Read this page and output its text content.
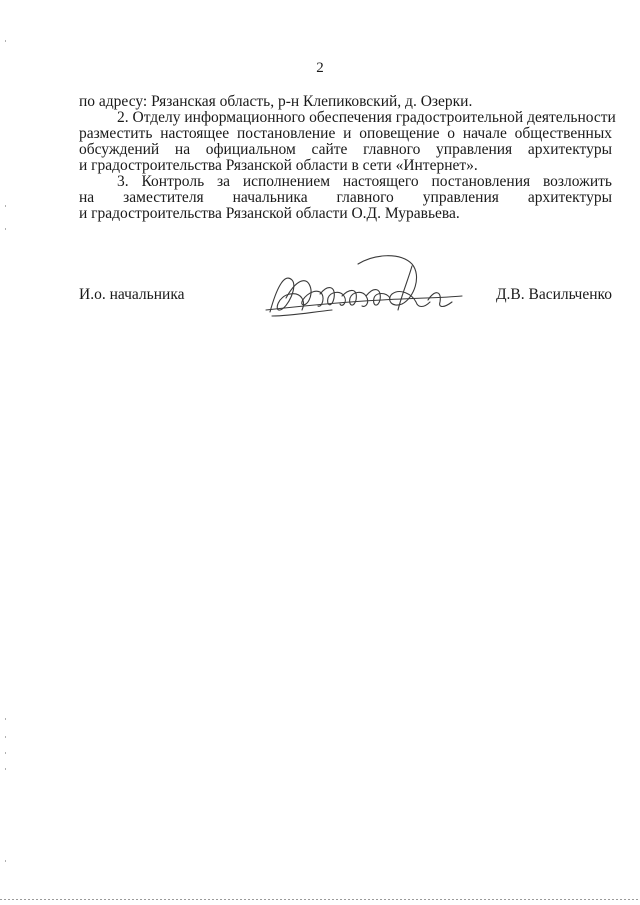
2
по адресу: Рязанская область, р-н Клепиковский, д. Озерки.
2. Отделу информационного обеспечения градостроительной деятельности
разместить настоящее постановление и оповещение о начале общественных
обсуждений на официальном сайте главного управления архитектуры
и градостроительства Рязанской области в сети «Интернет».
3. Контроль за исполнением настоящего постановления возложить
на заместителя начальника главного управления архитектуры
и градостроительства Рязанской области О.Д. Муравьева.
И.о. начальника	Д.В. Васильченко
